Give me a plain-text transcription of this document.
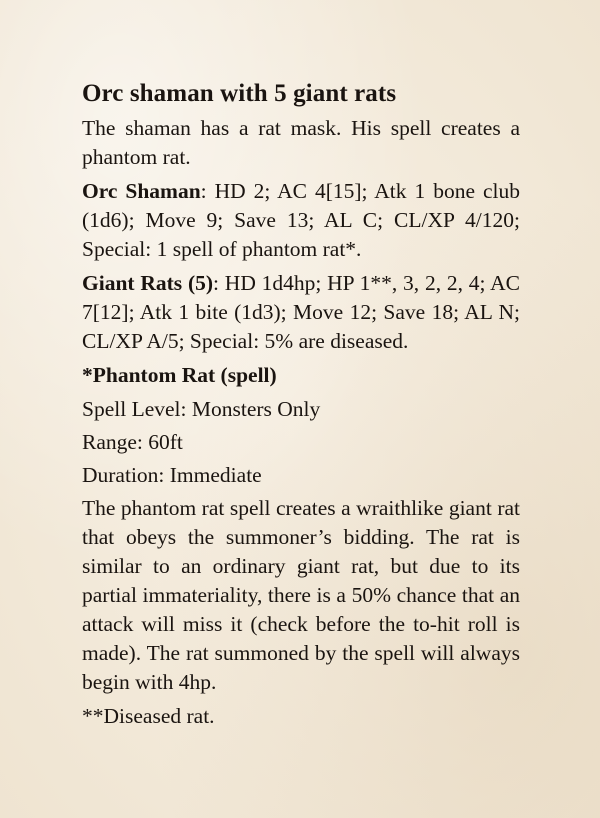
Orc shaman with 5 giant rats
The shaman has a rat mask. His spell creates a phantom rat.
Orc Shaman: HD 2; AC 4[15]; Atk 1 bone club (1d6); Move 9; Save 13; AL C; CL/XP 4/120; Special: 1 spell of phantom rat*.
Giant Rats (5): HD 1d4hp; HP 1**, 3, 2, 2, 4; AC 7[12]; Atk 1 bite (1d3); Move 12; Save 18; AL N; CL/XP A/5; Special: 5% are diseased.
*Phantom Rat (spell)
Spell Level: Monsters Only
Range: 60ft
Duration: Immediate
The phantom rat spell creates a wraithlike giant rat that obeys the summoner’s bidding. The rat is similar to an ordinary giant rat, but due to its partial immateriality, there is a 50% chance that an attack will miss it (check before the to-hit roll is made). The rat summoned by the spell will always begin with 4hp.
**Diseased rat.
